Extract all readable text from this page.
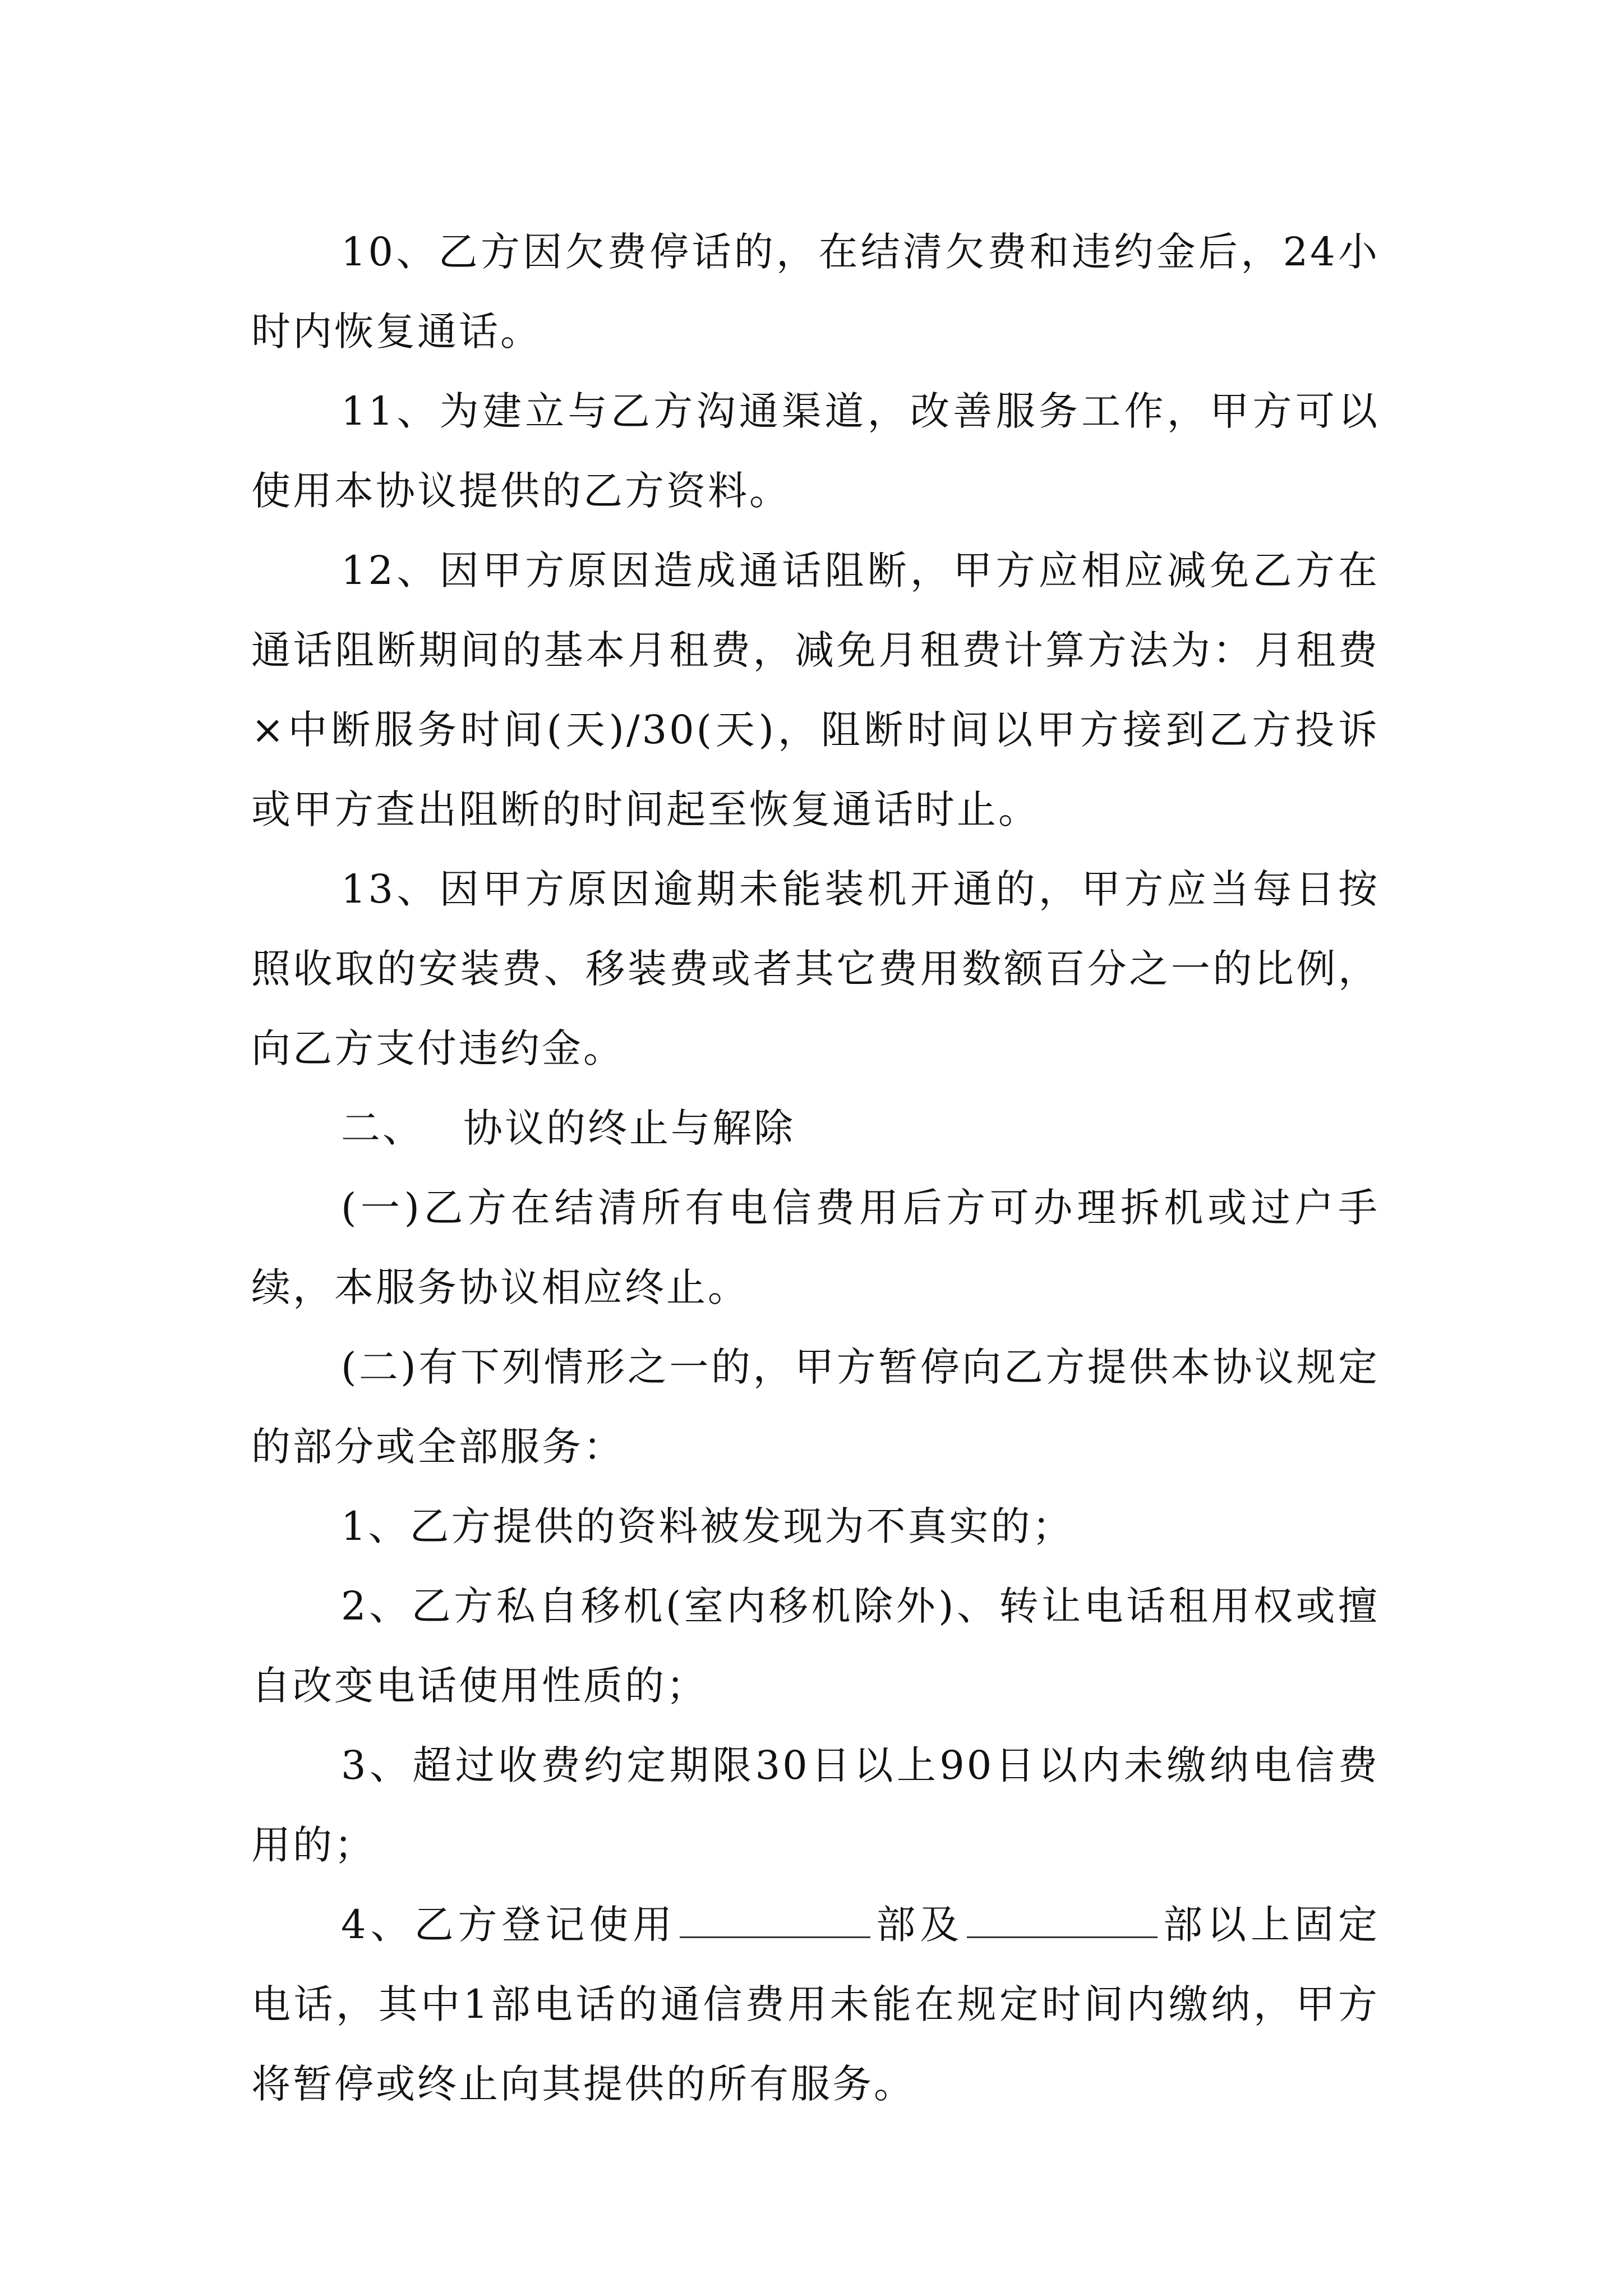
10、乙方因欠费停话的，在结清欠费和违约金后，24小时内恢复通话。

11、为建立与乙方沟通渠道，改善服务工作，甲方可以使用本协议提供的乙方资料。

12、因甲方原因造成通话阻断，甲方应相应减免乙方在通话阻断期间的基本月租费，减免月租费计算方法为：月租费×中断服务时间(天)/30(天)，阻断时间以甲方接到乙方投诉或甲方查出阻断的时间起至恢复通话时止。

13、因甲方原因逾期未能装机开通的，甲方应当每日按照收取的安装费、移装费或者其它费用数额百分之一的比例，向乙方支付违约金。

二、 协议的终止与解除

(一)乙方在结清所有电信费用后方可办理拆机或过户手续，本服务协议相应终止。

(二)有下列情形之一的，甲方暂停向乙方提供本协议规定的部分或全部服务：

1、乙方提供的资料被发现为不真实的；

2、乙方私自移机(室内移机除外)、转让电话租用权或擅自改变电话使用性质的；

3、超过收费约定期限30日以上90日以内未缴纳电信费用的；

4、乙方登记使用	部及	部以上固定电话，其中1部电话的通信费用未能在规定时间内缴纳，甲方将暂停或终止向其提供的所有服务。
